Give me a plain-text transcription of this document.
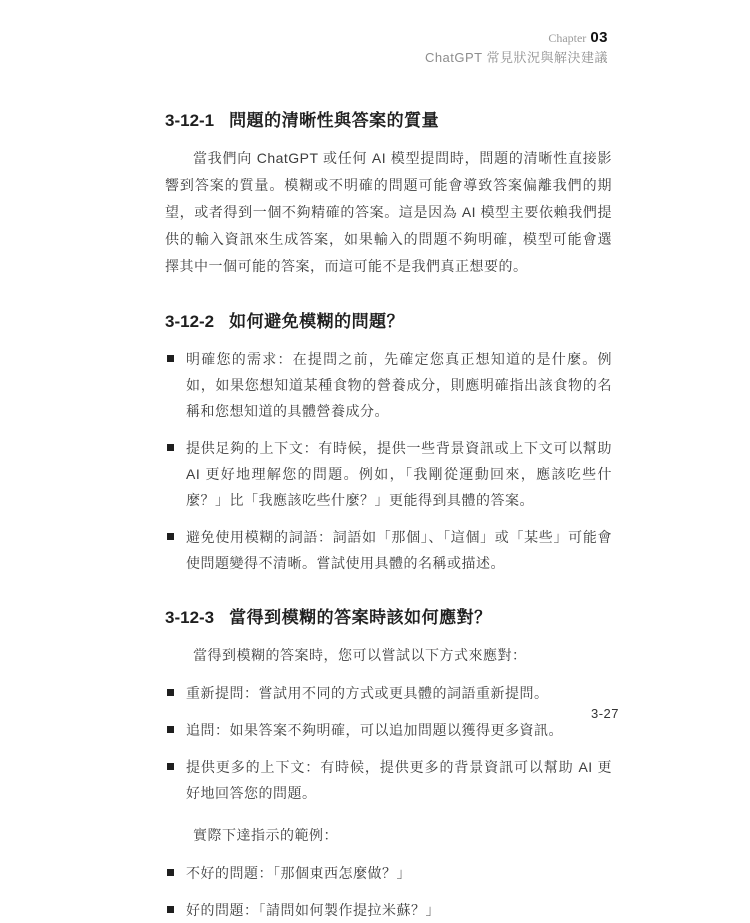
Chapter 03
ChatGPT 常見狀況與解決建議
3-12-1 問題的清晰性與答案的質量

當我們向 ChatGPT 或任何 AI 模型提問時，問題的清晰性直接影響到答案的質量。模糊或不明確的問題可能會導致答案偏離我們的期望，或者得到一個不夠精確的答案。這是因為 AI 模型主要依賴我們提供的輸入資訊來生成答案，如果輸入的問題不夠明確，模型可能會選擇其中一個可能的答案，而這可能不是我們真正想要的。

3-12-2 如何避免模糊的問題？
明確您的需求：在提問之前，先確定您真正想知道的是什麼。例如，如果您想知道某種食物的營養成分，則應明確指出該食物的名稱和您想知道的具體營養成分。
提供足夠的上下文：有時候，提供一些背景資訊或上下文可以幫助 AI 更好地理解您的問題。例如，「我剛從運動回來，應該吃些什麼？」比「我應該吃些什麼？」更能得到具體的答案。
避免使用模糊的詞語：詞語如「那個」、「這個」或「某些」可能會使問題變得不清晰。嘗試使用具體的名稱或描述。
3-12-3 當得到模糊的答案時該如何應對？

當得到模糊的答案時，您可以嘗試以下方式來應對：

重新提問：嘗試用不同的方式或更具體的詞語重新提問。
追問：如果答案不夠明確，可以追加問題以獲得更多資訊。
提供更多的上下文：有時候，提供更多的背景資訊可以幫助 AI 更好地回答您的問題。

實際下達指示的範例：

不好的問題：「那個東西怎麼做？」
好的問題：「請問如何製作提拉米蘇？」
3-27
